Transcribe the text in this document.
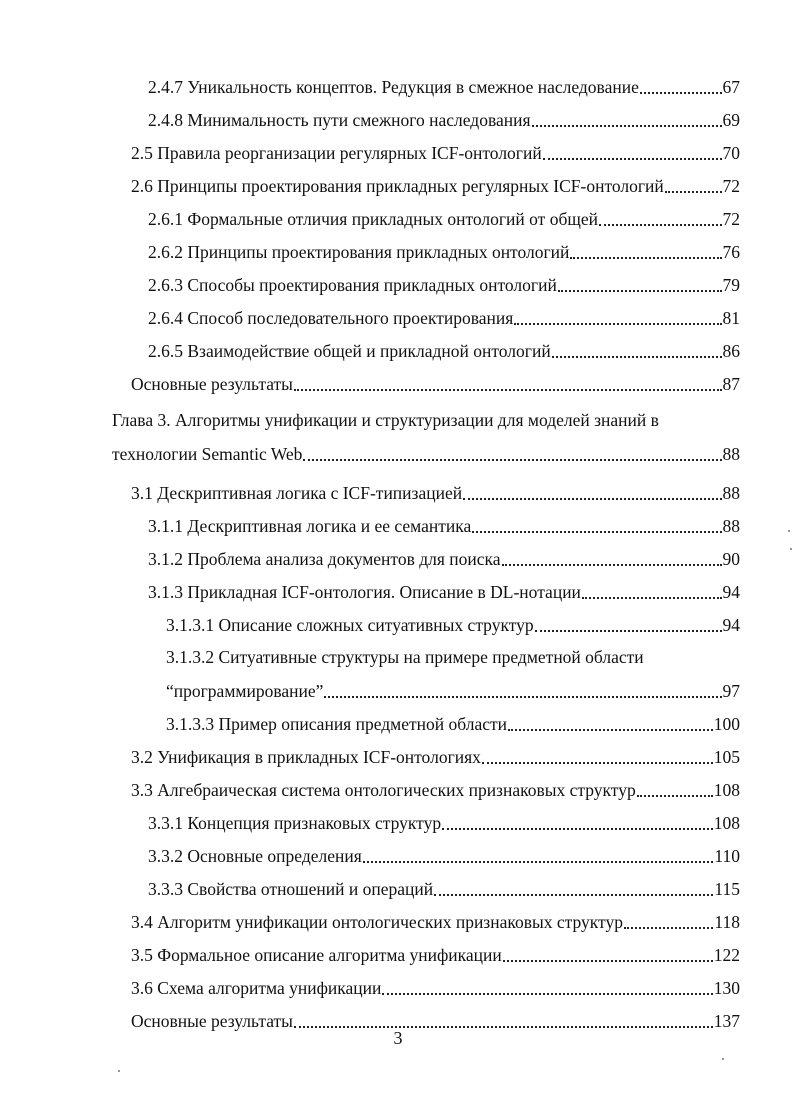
2.4.7 Уникальность концептов. Редукция в смежное наследование	67
2.4.8 Минимальность пути смежного наследования	69
2.5 Правила реорганизации регулярных ICF-онтологий	70
2.6 Принципы проектирования прикладных регулярных ICF-онтологий	72
2.6.1 Формальные отличия прикладных онтологий от общей	72
2.6.2 Принципы проектирования прикладных онтологий	76
2.6.3 Способы проектирования прикладных онтологий	79
2.6.4 Способ последовательного проектирования	81
2.6.5 Взаимодействие общей и прикладной онтологий	86
Основные результаты	87
Глава 3. Алгоритмы унификации и структуризации для моделей знаний в
технологии Semantic Web	88
3.1 Дескриптивная логика с ICF-типизацией	88
3.1.1 Дескриптивная логика и ее семантика	88
3.1.2 Проблема анализа документов для поиска	90
3.1.3 Прикладная ICF-онтология. Описание в DL-нотации	94
3.1.3.1 Описание сложных ситуативных структур	94
3.1.3.2 Ситуативные структуры на примере предметной области
“программирование”	97
3.1.3.3 Пример описания предметной области	100
3.2 Унификация в прикладных ICF-онтологиях	105
3.3 Алгебраическая система онтологических признаковых структур	108
3.3.1 Концепция признаковых структур	108
3.3.2 Основные определения	110
3.3.3 Свойства отношений и операций	115
3.4 Алгоритм унификации онтологических признаковых структур	118
3.5 Формальное описание алгоритма унификации	122
3.6 Схема алгоритма унификации	130
Основные результаты	137
3
